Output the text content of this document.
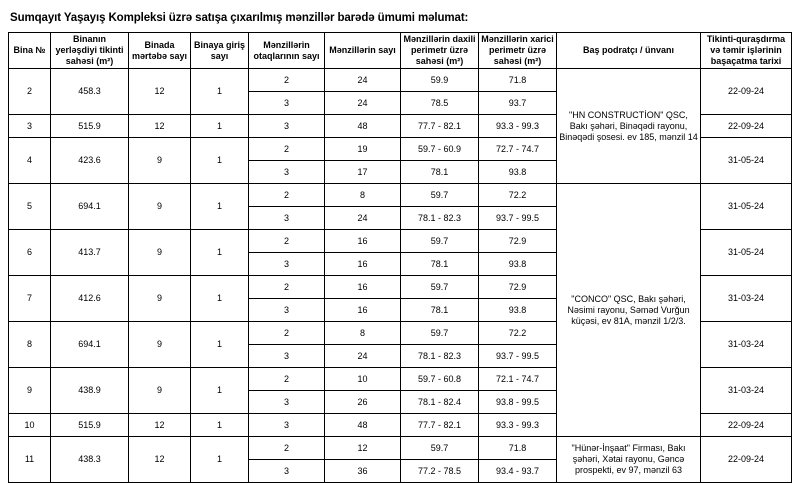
Sumqayıt Yaşayış Kompleksi üzrə satışa çıxarılmış mənzillər barədə ümumi məlumat:
Bina №	Binanın yerləşdiyi tikinti sahəsi (m²)	Binada mərtəbə sayı	Binaya giriş sayı	Mənzillərin otaqlarının sayı	Mənzillərin sayı	Mənzillərin daxili perimetr üzrə sahəsi (m²)	Mənzillərin xarici perimetr üzrə sahəsi (m²)	Baş podratçı / ünvanı	Tikinti-quraşdırma və təmir işlərinin başaçatma tarixi
2	458.3	12	1	2	24	59.9	71.8	"HN CONSTRUCTİON" QSC, Bakı şəhəri, Binəqədi rayonu, Binəqədi şosesi. ev 185, mənzil 14	22-09-24
				3	24	78.5	93.7		
3	515.9	12	1	3	48	77.7 - 82.1	93.3 - 99.3		22-09-24
4	423.6	9	1	2	19	59.7 - 60.9	72.7 - 74.7		31-05-24
				3	17	78.1	93.8		
5	694.1	9	1	2	8	59.7	72.2	"CONCO" QSC, Bakı şəhəri, Nəsimi rayonu, Səməd Vurğun küçəsi, ev 81A, mənzil 1/2/3.	31-05-24
				3	24	78.1 - 82.3	93.7 - 99.5		
6	413.7	9	1	2	16	59.7	72.9		31-05-24
				3	16	78.1	93.8		
7	412.6	9	1	2	16	59.7	72.9		31-03-24
				3	16	78.1	93.8		
8	694.1	9	1	2	8	59.7	72.2		31-03-24
				3	24	78.1 - 82.3	93.7 - 99.5		
9	438.9	9	1	2	10	59.7 - 60.8	72.1 - 74.7		31-03-24
				3	26	78.1 - 82.4	93.8 - 99.5		
10	515.9	12	1	3	48	77.7 - 82.1	93.3 - 99.3		22-09-24
11	438.3	12	1	2	12	59.7	71.8	"Hünər-İnşaat" Firması, Bakı şəhəri, Xətai rayonu, Gəncə prospekti, ev 97, mənzil 63	22-09-24
				3	36	77.2 - 78.5	93.4 - 93.7		
